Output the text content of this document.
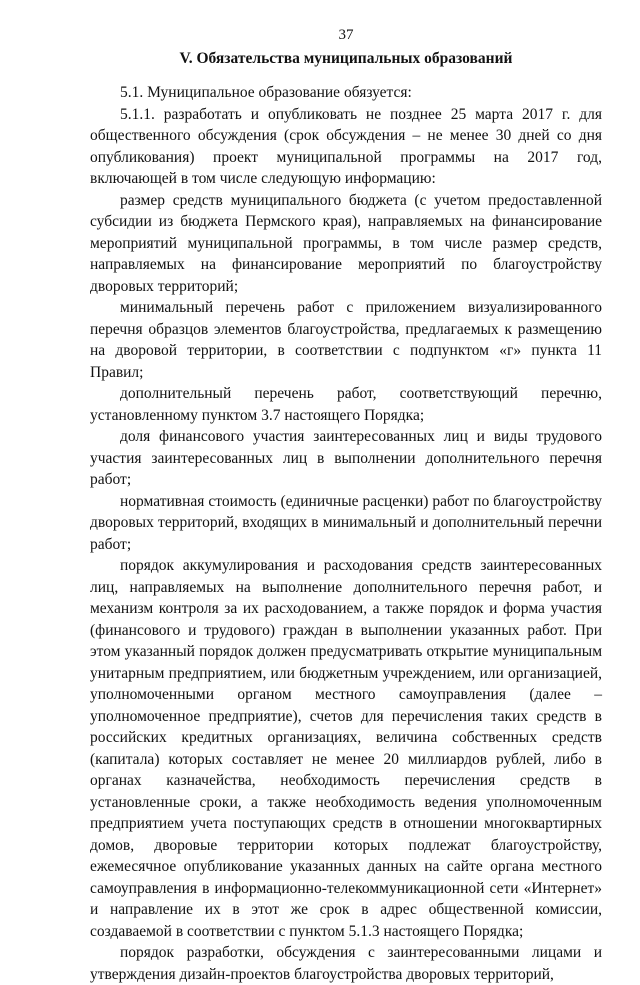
37
V. Обязательства муниципальных образований

5.1. Муниципальное образование обязуется:

5.1.1. разработать и опубликовать не позднее 25 марта 2017 г. для общественного обсуждения (срок обсуждения – не менее 30 дней со дня опубликования) проект муниципальной программы на 2017 год, включающей в том числе следующую информацию:

размер средств муниципального бюджета (с учетом предоставленной субсидии из бюджета Пермского края), направляемых на финансирование мероприятий муниципальной программы, в том числе размер средств, направляемых на финансирование мероприятий по благоустройству дворовых территорий;

минимальный перечень работ с приложением визуализированного перечня образцов элементов благоустройства, предлагаемых к размещению на дворовой территории, в соответствии с подпунктом «г» пункта 11 Правил;

дополнительный перечень работ, соответствующий перечню, установленному пунктом 3.7 настоящего Порядка;

доля финансового участия заинтересованных лиц и виды трудового участия заинтересованных лиц в выполнении дополнительного перечня работ;

нормативная стоимость (единичные расценки) работ по благоустройству дворовых территорий, входящих в минимальный и дополнительный перечни работ;

порядок аккумулирования и расходования средств заинтересованных лиц, направляемых на выполнение дополнительного перечня работ, и механизм контроля за их расходованием, а также порядок и форма участия (финансового и трудового) граждан в выполнении указанных работ. При этом указанный порядок должен предусматривать открытие муниципальным унитарным предприятием, или бюджетным учреждением, или организацией, уполномоченными органом местного самоуправления (далее – уполномоченное предприятие), счетов для перечисления таких средств в российских кредитных организациях, величина собственных средств (капитала) которых составляет не менее 20 миллиардов рублей, либо в органах казначейства, необходимость перечисления средств в установленные сроки, а также необходимость ведения уполномоченным предприятием учета поступающих средств в отношении многоквартирных домов, дворовые территории которых подлежат благоустройству, ежемесячное опубликование указанных данных на сайте органа местного самоуправления в информационно-телекоммуникационной сети «Интернет» и направление их в этот же срок в адрес общественной комиссии, создаваемой в соответствии с пунктом 5.1.3 настоящего Порядка;

порядок разработки, обсуждения с заинтересованными лицами и утверждения дизайн-проектов благоустройства дворовых территорий,
